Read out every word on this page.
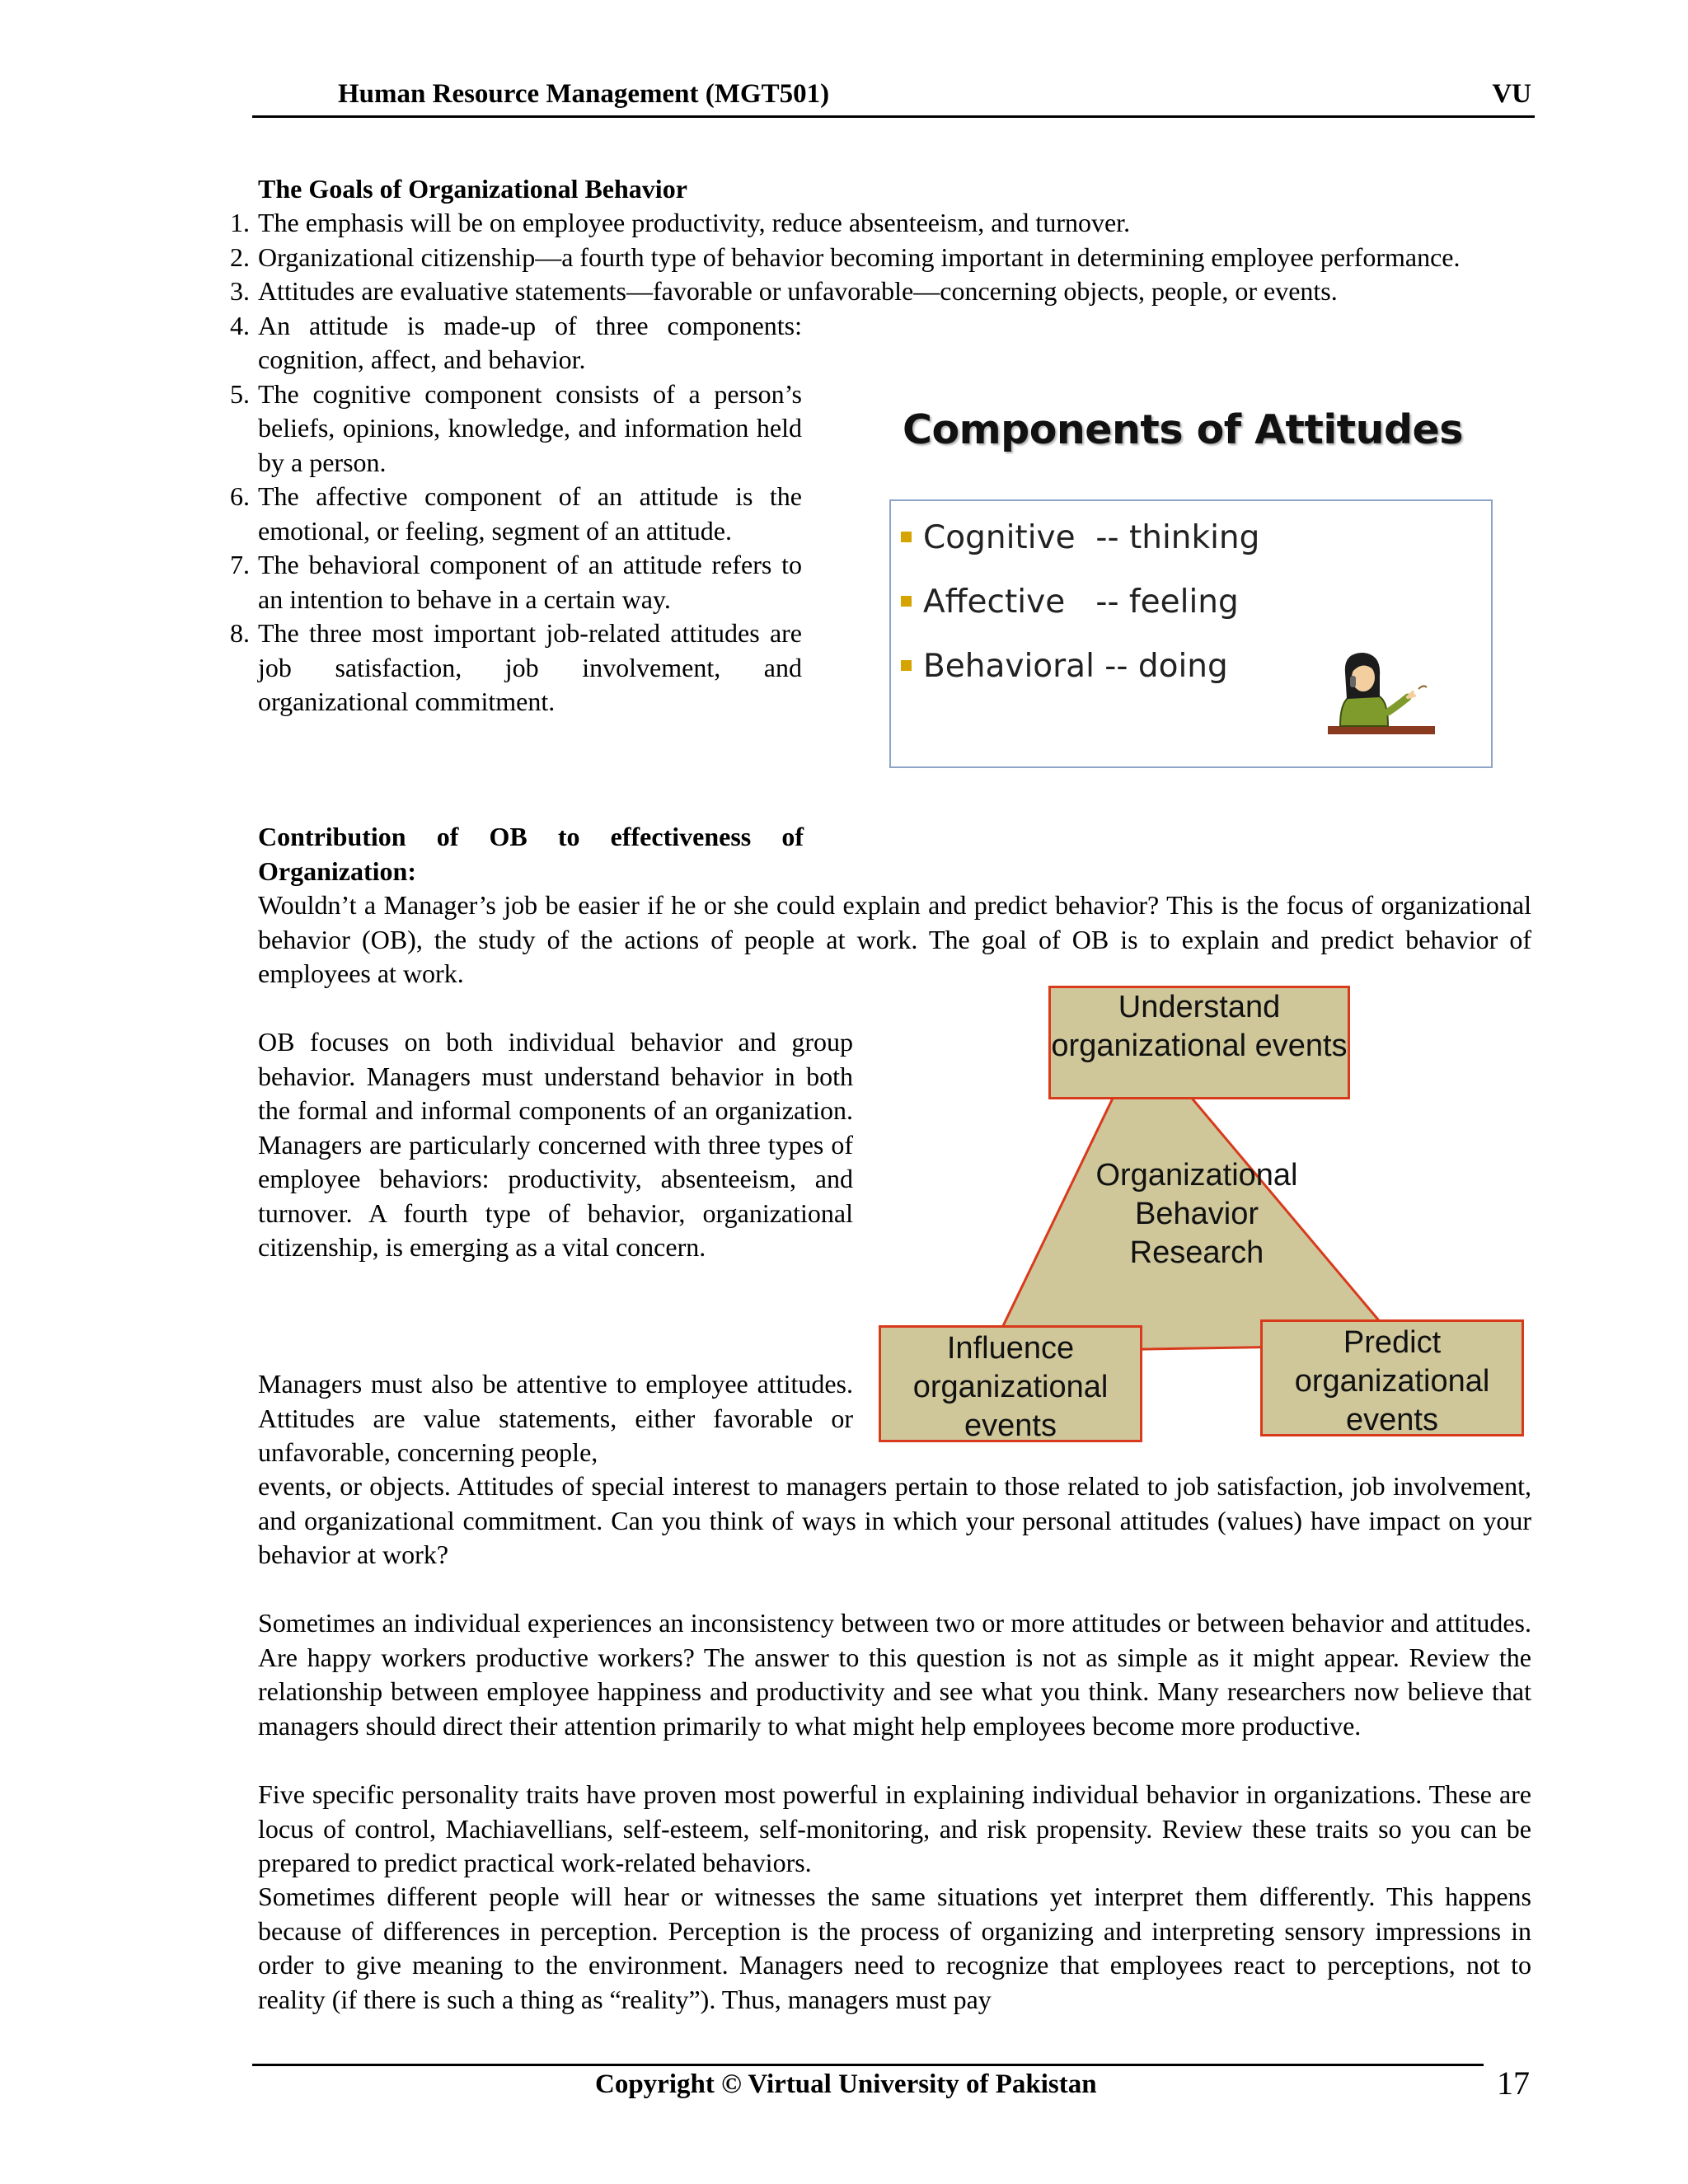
Human Resource Management (MGT501)	VU
The Goals of Organizational Behavior
1. The emphasis will be on employee productivity, reduce absenteeism, and turnover.
2. Organizational citizenship—a fourth type of behavior becoming important in determining employee performance.
3. Attitudes are evaluative statements—favorable or unfavorable—concerning objects, people, or events.
4. An attitude is made-up of three components: cognition, affect, and behavior.
5. The cognitive component consists of a person’s beliefs, opinions, knowledge, and information held by a person.
6. The affective component of an attitude is the emotional, or feeling, segment of an attitude.
7. The behavioral component of an attitude refers to an intention to behave in a certain way.
8. The three most important job-related attitudes are job satisfaction, job involvement, and organizational commitment.
Components of Attitudes
Cognitive  -- thinking
Affective   -- feeling
Behavioral -- doing
Contribution of OB to effectiveness of Organization:
Wouldn’t a Manager’s job be easier if he or she could explain and predict behavior? This is the focus of organizational behavior (OB), the study of the actions of people at work. The goal of OB is to explain and predict behavior of employees at work.
OB focuses on both individual behavior and group behavior. Managers must understand behavior in both the formal and informal components of an organization. Managers are particularly concerned with three types of employee behaviors: productivity, absenteeism, and turnover. A fourth type of behavior, organizational citizenship, is emerging as a vital concern.
Managers must also be attentive to employee attitudes. Attitudes are value statements, either favorable or unfavorable, concerning people,
events, or objects. Attitudes of special interest to managers pertain to those related to job satisfaction, job involvement, and organizational commitment. Can you think of ways in which your personal attitudes (values) have impact on your behavior at work?
Sometimes an individual experiences an inconsistency between two or more attitudes or between behavior and attitudes. Are happy workers productive workers? The answer to this question is not as simple as it might appear. Review the relationship between employee happiness and productivity and see what you think. Many researchers now believe that managers should direct their attention primarily to what might help employees become more productive.
Five specific personality traits have proven most powerful in explaining individual behavior in organizations. These are locus of control, Machiavellians, self-esteem, self-monitoring, and risk propensity. Review these traits so you can be prepared to predict practical work-related behaviors.
Sometimes different people will hear or witnesses the same situations yet interpret them differently. This happens because of differences in perception. Perception is the process of organizing and interpreting sensory impressions in order to give meaning to the environment. Managers need to recognize that employees react to perceptions, not to reality (if there is such a thing as “reality”). Thus, managers must pay
Organizational Behavior Research
Understand organizational events
Influence organizational events
Predict organizational events
Copyright © Virtual University of Pakistan	17
